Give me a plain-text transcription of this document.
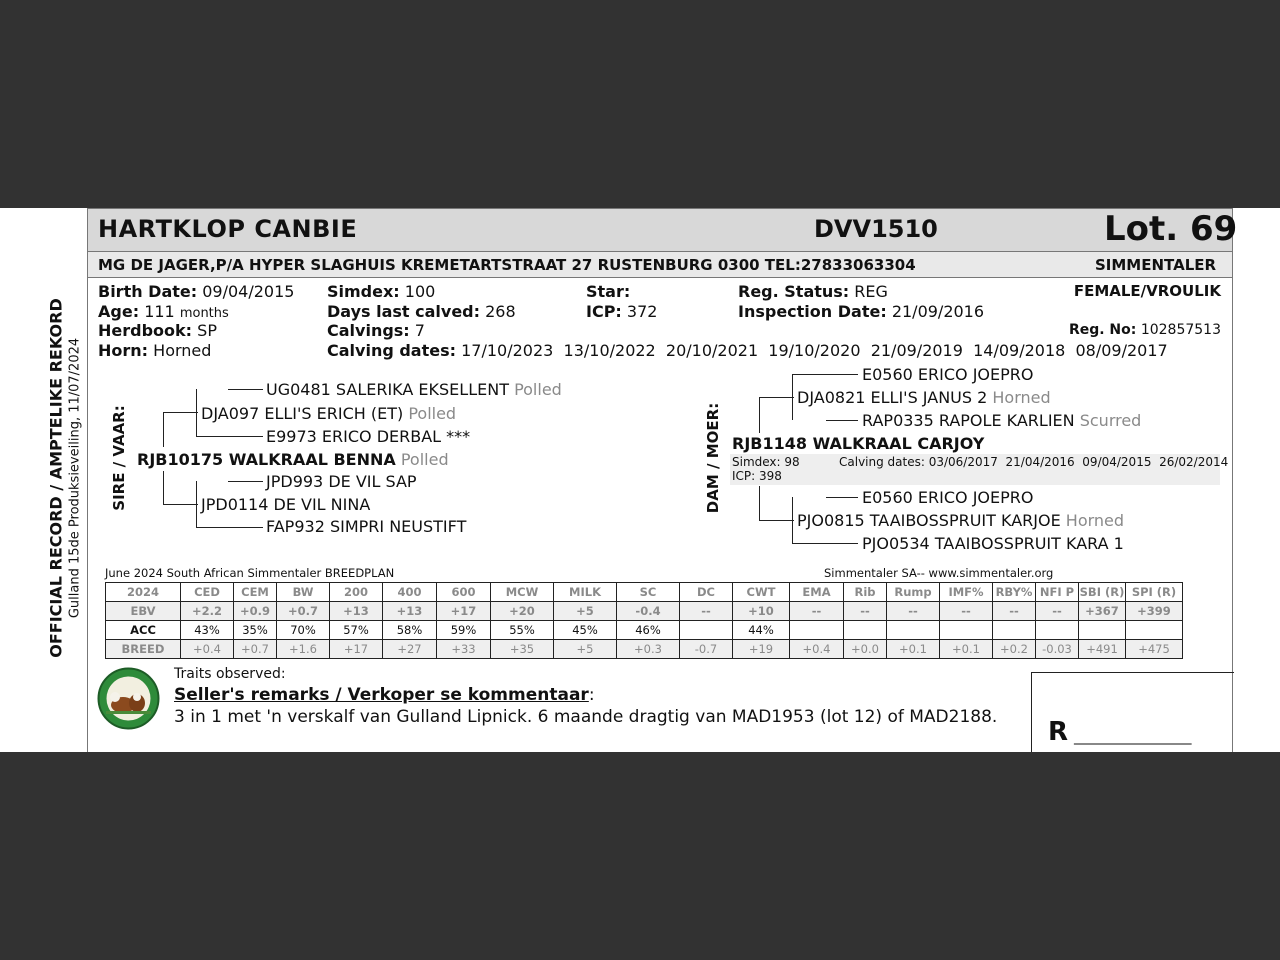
HARTKLOP CANBIE	DVV1510	Lot. 69
MG DE JAGER,P/A HYPER SLAGHUIS KREMETARTSTRAAT 27 RUSTENBURG 0300 TEL:27833063304	SIMMENTALER
OFFICIAL RECORD / AMPTELIKE REKORD Gulland 15de Produksieveiling, 11/07/2024
Birth Date: 09/04/2015
Age: 111 months
Herdbook: SP
Horn: Horned
Simdex: 100
Days last calved: 268
Calvings: 7
Calving dates: 17/10/2023  13/10/2022  20/10/2021  19/10/2020  21/09/2019  14/09/2018  08/09/2017
Star:
ICP: 372
Reg. Status: REG
Inspection Date: 21/09/2016
FEMALE/VROULIK
Reg. No: 102857513
SIRE / VAAR:
UG0481 SALERIKA EKSELLENT Polled
DJA097 ELLI'S ERICH (ET) Polled
E9973 ERICO DERBAL ***
RJB10175 WALKRAAL BENNA Polled
JPD993 DE VIL SAP
JPD0114 DE VIL NINA
FAP932 SIMPRI NEUSTIFT
DAM / MOER:
E0560 ERICO JOEPRO
DJA0821 ELLI'S JANUS 2 Horned
RAP0335 RAPOLE KARLIEN Scurred
RJB1148 WALKRAAL CARJOY
Simdex: 98
ICP: 398
Calving dates: 03/06/2017  21/04/2016  09/04/2015  26/02/2014
E0560 ERICO JOEPRO
PJO0815 TAAIBOSSPRUIT KARJOE Horned
PJO0534 TAAIBOSSPRUIT KARA 1
June 2024 South African Simmentaler BREEDPLAN	Simmentaler SA-- www.simmentaler.org
2024	CED	CEM	BW	200	400	600	MCW	MILK	SC	DC	CWT	EMA	Rib	Rump	IMF%	RBY%	NFI P	SBI (R)	SPI (R)
EBV	+2.2	+0.9	+0.7	+13	+13	+17	+20	+5	-0.4	--	+10	--	--	--	--	--	--	+367	+399
ACC	43%	35%	70%	57%	58%	59%	55%	45%	46%		44%								
BREED	+0.4	+0.7	+1.6	+17	+27	+33	+35	+5	+0.3	-0.7	+19	+0.4	+0.0	+0.1	+0.1	+0.2	-0.03	+491	+475
Traits observed:
Seller's remarks / Verkoper se kommentaar:
3 in 1 met 'n verskalf van Gulland Lipnick. 6 maande dragtig van MAD1953 (lot 12) of MAD2188. R __________________
